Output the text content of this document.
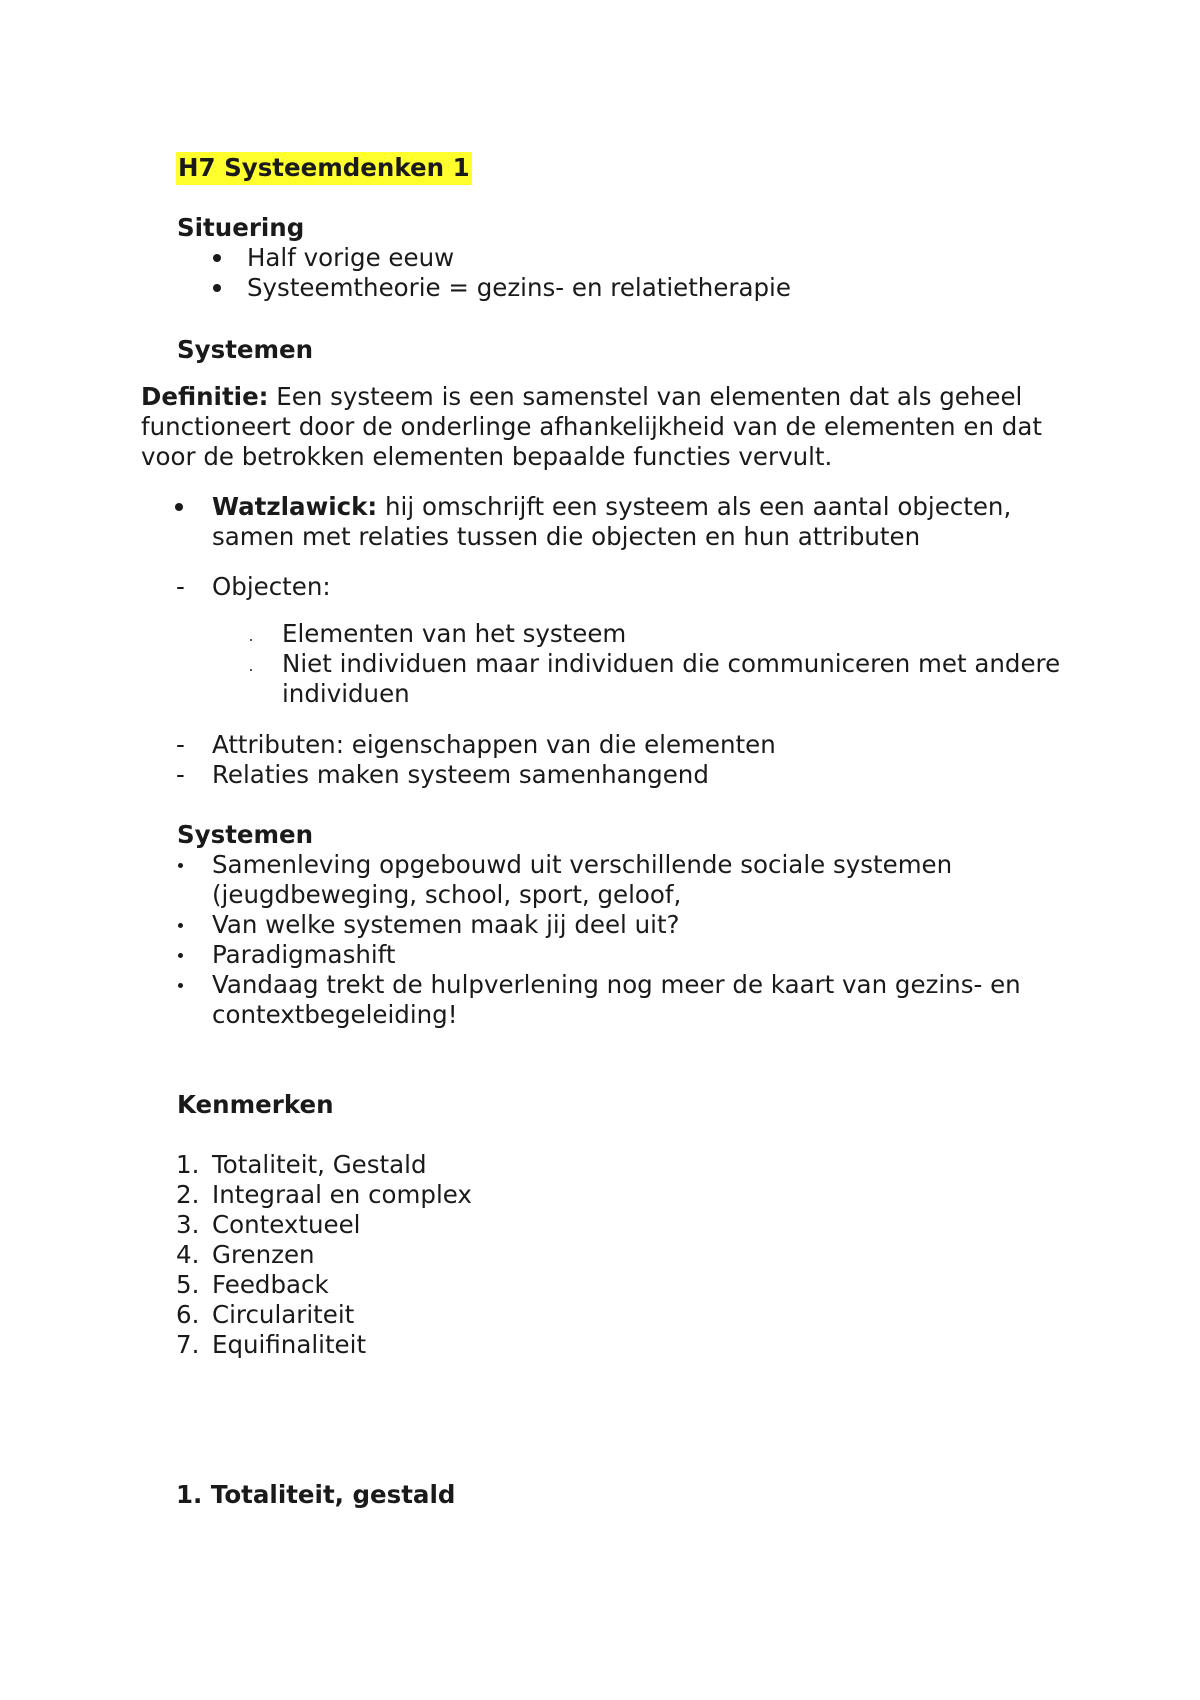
H7 Systeemdenken 1
Situering
Half vorige eeuw
Systeemtheorie = gezins- en relatietherapie
Systemen
Definitie: Een systeem is een samenstel van elementen dat als geheel
functioneert door de onderlinge afhankelijkheid van de elementen en dat
voor de betrokken elementen bepaalde functies vervult.
Watzlawick: hij omschrijft een systeem als een aantal objecten,
samen met relaties tussen die objecten en hun attributen
- Objecten:
Elementen van het systeem
Niet individuen maar individuen die communiceren met andere
individuen
- Attributen: eigenschappen van die elementen
- Relaties maken systeem samenhangend
Systemen
Samenleving opgebouwd uit verschillende sociale systemen
(jeugdbeweging, school, sport, geloof,
Van welke systemen maak jij deel uit?
Paradigmashift
Vandaag trekt de hulpverlening nog meer de kaart van gezins- en
contextbegeleiding!
Kenmerken
1. Totaliteit, Gestald
2. Integraal en complex
3. Contextueel
4. Grenzen
5. Feedback
6. Circulariteit
7. Equifinaliteit
1. Totaliteit, gestald
